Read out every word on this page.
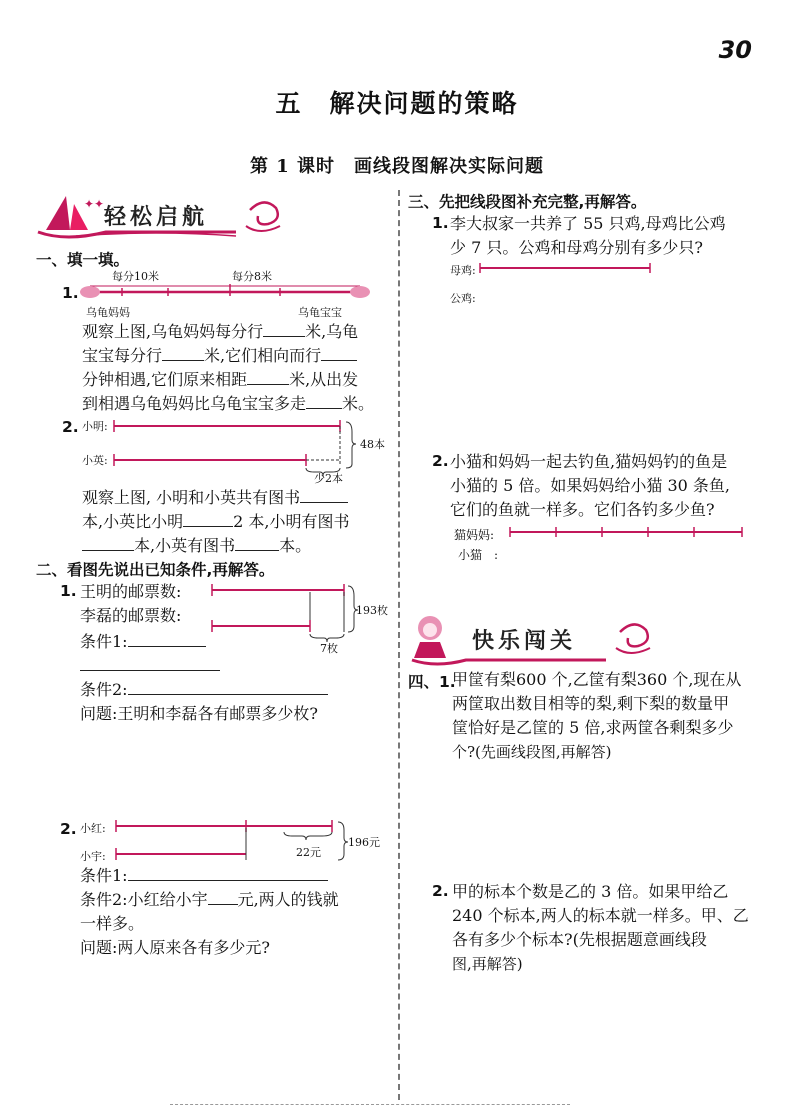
30
五　解决问题的策略
第 1 课时　画线段图解决实际问题
✦✦
轻松启航
一、填一填。
1.
每分10米	每分8米
乌龟妈妈	乌龟宝宝
观察上图,乌龟妈妈每分行	米,乌龟
宝宝每分行	米,它们相向而行
分钟相遇,它们原来相距	米,从出发
到相遇乌龟妈妈比乌龟宝宝多走 米。
2. 小明:
小英:
48本
少2本
观察上图, 小明和小英共有图书
本,小英比小明	2 本,小明有图书
本,小英有图书	本。
二、看图先说出已知条件,再解答。
1. 王明的邮票数:
李磊的邮票数:	193枚
7枚
条件1:
条件2:
问题:王明和李磊各有邮票多少枚?
2. 小红:
小宇:	22元
196元
条件1:
条件2:小红给小宇 元,两人的钱就
一样多。
问题:两人原来各有多少元?
三、先把线段图补充完整,再解答。
1. 李大叔家一共养了 55 只鸡,母鸡比公鸡
少 7 只。公鸡和母鸡分别有多少只?
母鸡:
公鸡:
2. 小猫和妈妈一起去钓鱼,猫妈妈钓的鱼是
小猫的 5 倍。如果妈妈给小猫 30 条鱼,
它们的鱼就一样多。它们各钓多少鱼?
猫妈妈:
小猫　:
快乐闯关
四、1.
甲筐有梨600 个,乙筐有梨360 个,现在从
两筐取出数目相等的梨,剩下梨的数量甲
筐恰好是乙筐的 5 倍,求两筐各剩梨多少
个?(先画线段图,再解答)
2. 甲的标本个数是乙的 3 倍。如果甲给乙
240 个标本,两人的标本就一样多。甲、乙
各有多少个标本?(先根据题意画线段
图,再解答)
